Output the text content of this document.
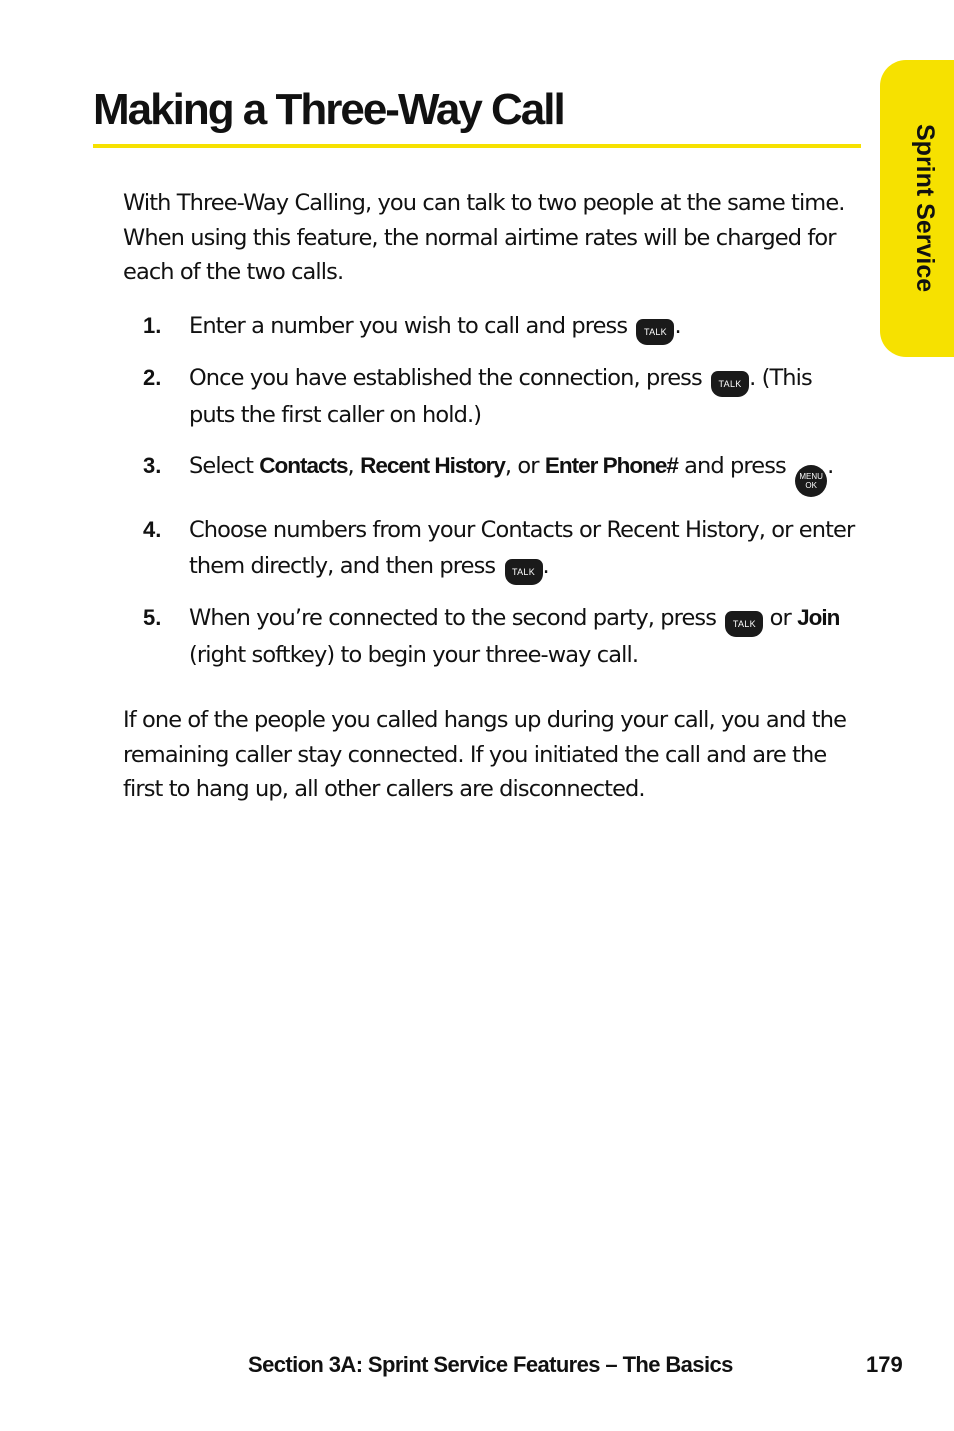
Making a Three-Way Call
Sprint Service

With Three-Way Calling, you can talk to two people at the same time. When using this feature, the normal airtime rates will be charged for each of the two calls.

1. Enter a number you wish to call and press TALK .
2. Once you have established the connection, press TALK . (This puts the first caller on hold.)
3. Select Contacts, Recent History, or Enter Phone# and press MENU
OK
.
4. Choose numbers from your Contacts or Recent History, or enter them directly, and then press TALK .
5. When you’re connected to the second party, press TALK or Join (right softkey) to begin your three-way call.

If one of the people you called hangs up during your call, you and the remaining caller stay connected. If you initiated the call and are the first to hang up, all other callers are disconnected.

Section 3A: Sprint Service Features – The Basics	179
